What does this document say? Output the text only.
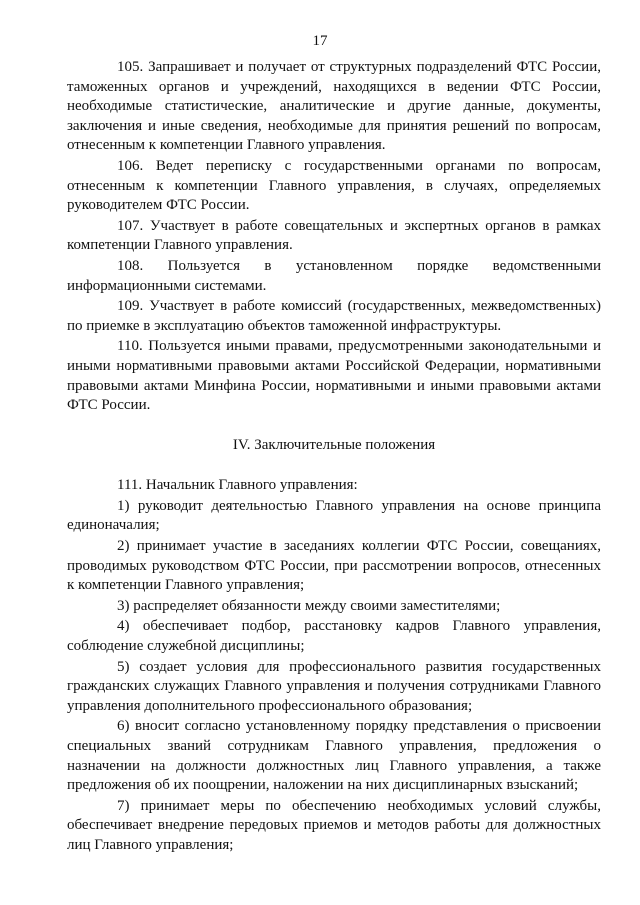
17

105. Запрашивает и получает от структурных подразделений ФТС России, таможенных органов и учреждений, находящихся в ведении ФТС России, необходимые статистические, аналитические и другие данные, документы, заключения и иные сведения, необходимые для принятия решений по вопросам, отнесенным к компетенции Главного управления.

106. Ведет переписку с государственными органами по вопросам, отнесенным к компетенции Главного управления, в случаях, определяемых руководителем ФТС России.

107. Участвует в работе совещательных и экспертных органов в рамках компетенции Главного управления.

108. Пользуется в установленном порядке ведомственными информационными системами.

109. Участвует в работе комиссий (государственных, межведомственных) по приемке в эксплуатацию объектов таможенной инфраструктуры.

110. Пользуется иными правами, предусмотренными законодательными и иными нормативными правовыми актами Российской Федерации, нормативными правовыми актами Минфина России, нормативными и иными правовыми актами ФТС России.

IV. Заключительные положения

111. Начальник Главного управления:

1) руководит деятельностью Главного управления на основе принципа единоначалия;

2) принимает участие в заседаниях коллегии ФТС России, совещаниях, проводимых руководством ФТС России, при рассмотрении вопросов, отнесенных к компетенции Главного управления;

3) распределяет обязанности между своими заместителями;

4) обеспечивает подбор, расстановку кадров Главного управления, соблюдение служебной дисциплины;

5) создает условия для профессионального развития государственных гражданских служащих Главного управления и получения сотрудниками Главного управления дополнительного профессионального образования;

6) вносит согласно установленному порядку представления о присвоении специальных званий сотрудникам Главного управления, предложения о назначении на должности должностных лиц Главного управления, а также предложения об их поощрении, наложении на них дисциплинарных взысканий;

7) принимает меры по обеспечению необходимых условий службы, обеспечивает внедрение передовых приемов и методов работы для должностных лиц Главного управления;
